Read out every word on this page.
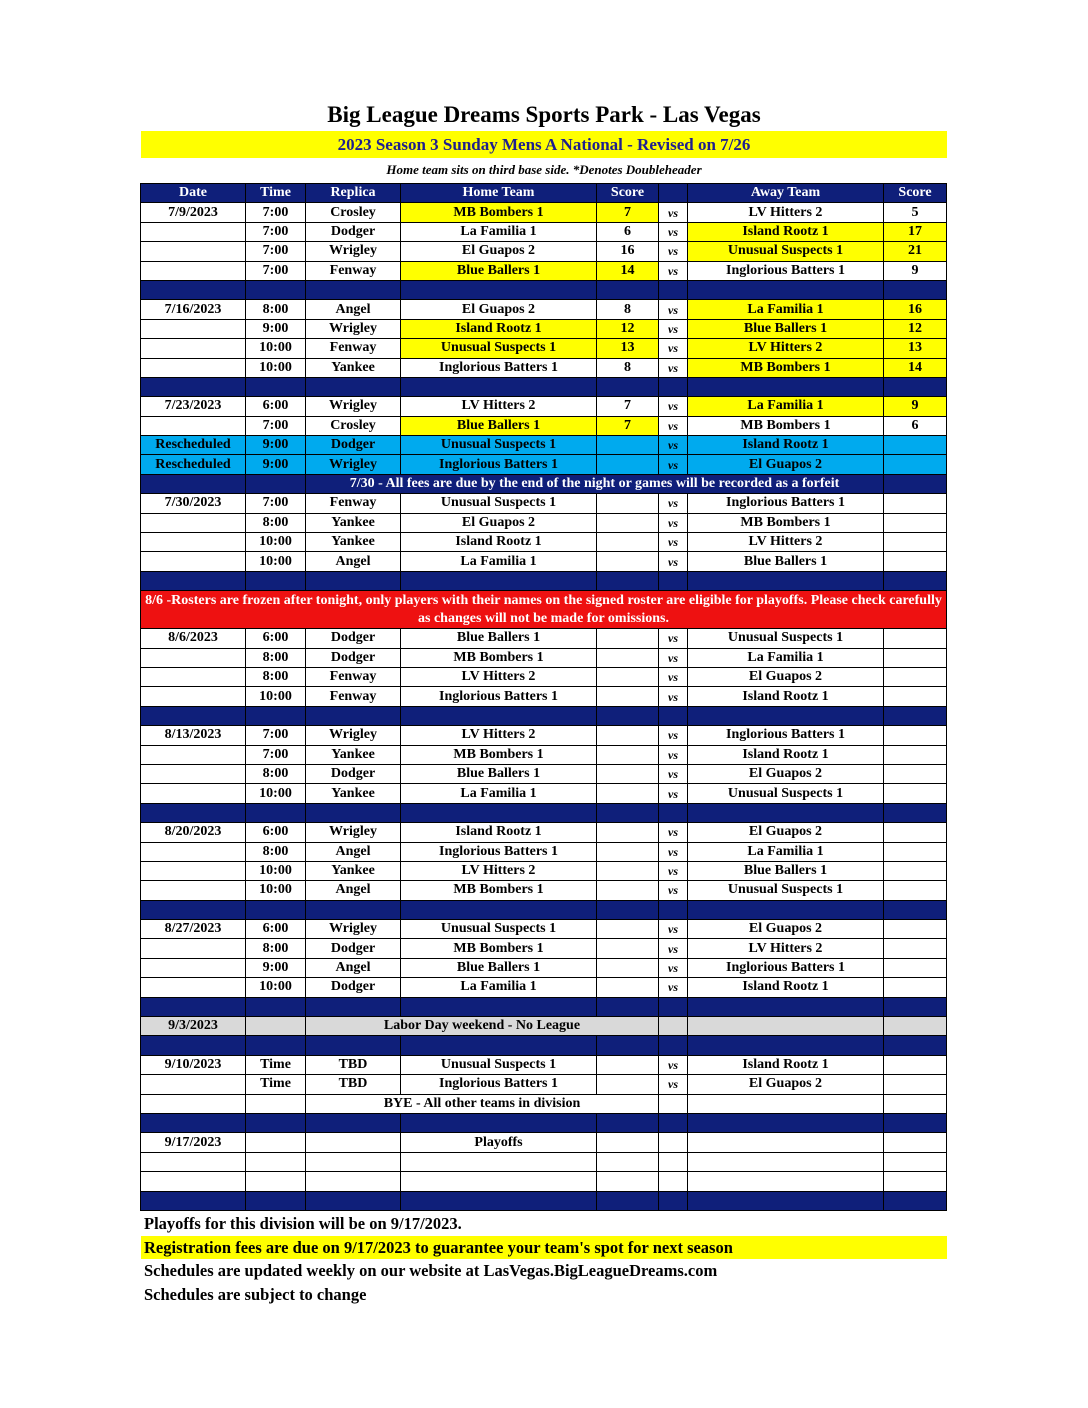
Big League Dreams Sports Park - Las Vegas
2023 Season 3 Sunday Mens A National - Revised on 7/26
Home team sits on third base side. *Denotes Doubleheader
Date	Time	Replica	Home Team	Score		Away Team	Score
7/9/2023	7:00	Crosley	MB Bombers 1	7	vs	LV Hitters 2	5
	7:00	Dodger	La Familia 1	6	vs	Island Rootz 1	17
	7:00	Wrigley	El Guapos 2	16	vs	Unusual Suspects 1	21
	7:00	Fenway	Blue Ballers 1	14	vs	Inglorious Batters 1	9

7/16/2023	8:00	Angel	El Guapos 2	8	vs	La Familia 1	16
	9:00	Wrigley	Island Rootz 1	12	vs	Blue Ballers 1	12
	10:00	Fenway	Unusual Suspects 1	13	vs	LV Hitters 2	13
	10:00	Yankee	Inglorious Batters 1	8	vs	MB Bombers 1	14

7/23/2023	6:00	Wrigley	LV Hitters 2	7	vs	La Familia 1	9
	7:00	Crosley	Blue Ballers 1	7	vs	MB Bombers 1	6
Rescheduled	9:00	Dodger	Unusual Suspects 1		vs	Island Rootz 1	
Rescheduled	9:00	Wrigley	Inglorious Batters 1		vs	El Guapos 2	
		7/30 - All fees are due by the end of the night or games will be recorded as a forfeit					
7/30/2023	7:00	Fenway	Unusual Suspects 1		vs	Inglorious Batters 1	
	8:00	Yankee	El Guapos 2		vs	MB Bombers 1	
	10:00	Yankee	Island Rootz 1		vs	LV Hitters 2	
	10:00	Angel	La Familia 1		vs	Blue Ballers 1	

8/6 -Rosters are frozen after tonight, only players with their names on the signed roster are eligible for playoffs. Please check carefully as changes will not be made for omissions.							
8/6/2023	6:00	Dodger	Blue Ballers 1		vs	Unusual Suspects 1	
	8:00	Dodger	MB Bombers 1		vs	La Familia 1	
	8:00	Fenway	LV Hitters 2		vs	El Guapos 2	
	10:00	Fenway	Inglorious Batters 1		vs	Island Rootz 1	

8/13/2023	7:00	Wrigley	LV Hitters 2		vs	Inglorious Batters 1	
	7:00	Yankee	MB Bombers 1		vs	Island Rootz 1	
	8:00	Dodger	Blue Ballers 1		vs	El Guapos 2	
	10:00	Yankee	La Familia 1		vs	Unusual Suspects 1	

8/20/2023	6:00	Wrigley	Island Rootz 1		vs	El Guapos 2	
	8:00	Angel	Inglorious Batters 1		vs	La Familia 1	
	10:00	Yankee	LV Hitters 2		vs	Blue Ballers 1	
	10:00	Angel	MB Bombers 1		vs	Unusual Suspects 1	

8/27/2023	6:00	Wrigley	Unusual Suspects 1		vs	El Guapos 2	
	8:00	Dodger	MB Bombers 1		vs	LV Hitters 2	
	9:00	Angel	Blue Ballers 1		vs	Inglorious Batters 1	
	10:00	Dodger	La Familia 1		vs	Island Rootz 1	

9/3/2023		Labor Day weekend - No League					

9/10/2023	Time	TBD	Unusual Suspects 1		vs	Island Rootz 1	
	Time	TBD	Inglorious Batters 1		vs	El Guapos 2	
		BYE - All other teams in division					

9/17/2023			Playoffs				

Playoffs for this division will be on 9/17/2023.
Registration fees are due on 9/17/2023 to guarantee your team's spot for next season
Schedules are updated weekly on our website at LasVegas.BigLeagueDreams.com
Schedules are subject to change
